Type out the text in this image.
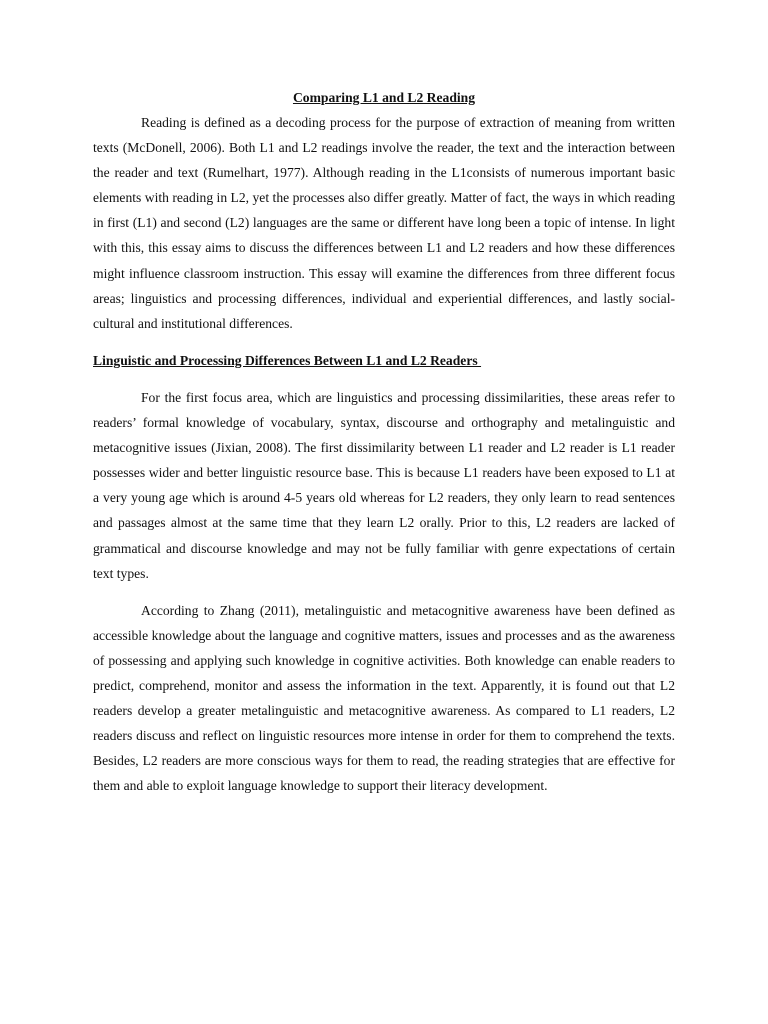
Comparing L1 and L2 Reading

Reading is defined as a decoding process for the purpose of extraction of meaning from written texts (McDonell, 2006). Both L1 and L2 readings involve the reader, the text and the interaction between the reader and text (Rumelhart, 1977). Although reading in the L1consists of numerous important basic elements with reading in L2, yet the processes also differ greatly. Matter of fact, the ways in which reading in first (L1) and second (L2) languages are the same or different have long been a topic of intense. In light with this, this essay aims to discuss the differences between L1 and L2 readers and how these differences might influence classroom instruction. This essay will examine the differences from three different focus areas; linguistics and processing differences, individual and experiential differences, and lastly social-cultural and institutional differences.

Linguistic and Processing Differences Between L1 and L2 Readers

For the first focus area, which are linguistics and processing dissimilarities, these areas refer to readers’ formal knowledge of vocabulary, syntax, discourse and orthography and metalinguistic and metacognitive issues (Jixian, 2008). The first dissimilarity between L1 reader and L2 reader is L1 reader possesses wider and better linguistic resource base. This is because L1 readers have been exposed to L1 at a very young age which is around 4-5 years old whereas for L2 readers, they only learn to read sentences and passages almost at the same time that they learn L2 orally. Prior to this, L2 readers are lacked of grammatical and discourse knowledge and may not be fully familiar with genre expectations of certain text types.

According to Zhang (2011), metalinguistic and metacognitive awareness have been defined as accessible knowledge about the language and cognitive matters, issues and processes and as the awareness of possessing and applying such knowledge in cognitive activities. Both knowledge can enable readers to predict, comprehend, monitor and assess the information in the text. Apparently, it is found out that L2 readers develop a greater metalinguistic and metacognitive awareness. As compared to L1 readers, L2 readers discuss and reflect on linguistic resources more intense in order for them to comprehend the texts. Besides, L2 readers are more conscious ways for them to read, the reading strategies that are effective for them and able to exploit language knowledge to support their literacy development.
